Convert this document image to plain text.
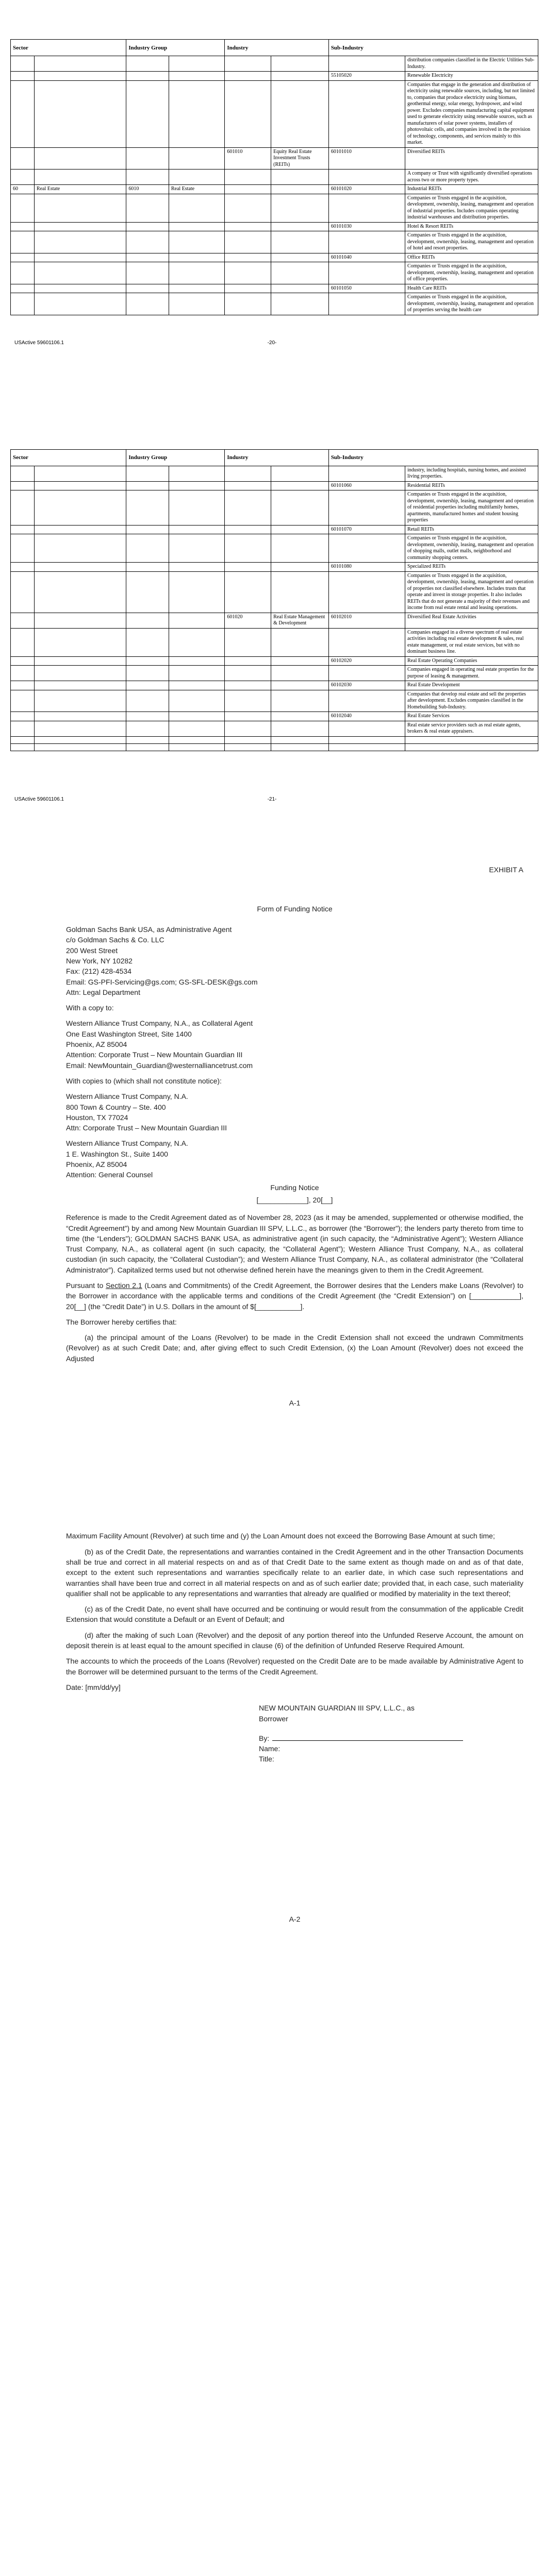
Sector		Industry Group		Industry		Sub-Industry	
							distribution companies classified in the Electric Utilities Sub-Industry.
						55105020	Renewable Electricity
							Companies that engage in the generation and distribution of electricity using renewable sources, including, but not limited to, companies that produce electricity using biomass, geothermal energy, solar energy, hydropower, and wind power. Excludes companies manufacturing capital equipment used to generate electricity using renewable sources, such as manufacturers of solar power systems, installers of photovoltaic cells, and companies involved in the provision of technology, components, and services mainly to this market.
				601010	Equity Real Estate Investment Trusts (REITs)	60101010	Diversified REITs
							A company or Trust with significantly diversified operations across two or more property types.
60	Real Estate	6010	Real Estate			60101020	Industrial REITs
							Companies or Trusts engaged in the acquisition, development, ownership, leasing, management and operation of industrial properties. Includes companies operating industrial warehouses and distribution properties.
						60101030	Hotel & Resort REITs
							Companies or Trusts engaged in the acquisition, development, ownership, leasing, management and operation of hotel and resort properties.
						60101040	Office REITs
							Companies or Trusts engaged in the acquisition, development, ownership, leasing, management and operation of office properties.
						60101050	Health Care REITs
							Companies or Trusts engaged in the acquisition, development, ownership, leasing, management and operation of properties serving the health care
USActive 59601106.1	-20-
Sector		Industry Group		Industry		Sub-Industry	
							industry, including hospitals, nursing homes, and assisted living properties.
						60101060	Residential REITs
							Companies or Trusts engaged in the acquisition, development, ownership, leasing, management and operation of residential properties including multifamily homes, apartments, manufactured homes and student housing properties
						60101070	Retail REITs
							Companies or Trusts engaged in the acquisition, development, ownership, leasing, management and operation of shopping malls, outlet malls, neighborhood and community shopping centers.
						60101080	Specialized REITs
							Companies or Trusts engaged in the acquisition, development, ownership, leasing, management and operation of properties not classified elsewhere. Includes trusts that operate and invest in storage properties. It also includes REITs that do not generate a majority of their revenues and income from real estate rental and leasing operations.
				601020	Real Estate Management & Development	60102010	Diversified Real Estate Activities
							Companies engaged in a diverse spectrum of real estate activities including real estate development & sales, real estate management, or real estate services, but with no dominant business line.
						60102020	Real Estate Operating Companies
							Companies engaged in operating real estate properties for the purpose of leasing & management.
						60102030	Real Estate Development
							Companies that develop real estate and sell the properties after development. Excludes companies classified in the Homebuilding Sub-Industry.
						60102040	Real Estate Services
							Real estate service providers such as real estate agents, brokers & real estate appraisers.

USActive 59601106.1	-21-

EXHIBIT A

Form of Funding Notice

Goldman Sachs Bank USA, as Administrative Agent
c/o Goldman Sachs & Co. LLC
200 West Street
New York, NY 10282
Fax: (212) 428-4534
Email: GS-PFI-Servicing@gs.com; GS-SFL-DESK@gs.com
Attn: Legal Department

With a copy to:

Western Alliance Trust Company, N.A., as Collateral Agent
One East Washington Street, Site 1400
Phoenix, AZ 85004
Attention: Corporate Trust – New Mountain Guardian III
Email: NewMountain_Guardian@westernalliancetrust.com

With copies to (which shall not constitute notice):

Western Alliance Trust Company, N.A.
800 Town & Country – Ste. 400
Houston, TX 77024
Attn: Corporate Trust – New Mountain Guardian III
Western Alliance Trust Company, N.A.
1 E. Washington St., Suite 1400
Phoenix, AZ 85004
Attention: General Counsel

Funding Notice

[____________], 20[__]

Reference is made to the Credit Agreement dated as of November 28, 2023 (as it may be amended, supplemented or otherwise modified, the “Credit Agreement”) by and among New Mountain Guardian III SPV, L.L.C., as borrower (the “Borrower”); the lenders party thereto from time to time (the “Lenders”); GOLDMAN SACHS BANK USA, as administrative agent (in such capacity, the “Administrative Agent”); Western Alliance Trust Company, N.A., as collateral agent (in such capacity, the “Collateral Agent”); Western Alliance Trust Company, N.A., as collateral custodian (in such capacity, the “Collateral Custodian”); and Western Alliance Trust Company, N.A., as collateral administrator (the “Collateral Administrator”). Capitalized terms used but not otherwise defined herein have the meanings given to them in the Credit Agreement.

Pursuant to Section 2.1 (Loans and Commitments) of the Credit Agreement, the Borrower desires that the Lenders make Loans (Revolver) to the Borrower in accordance with the applicable terms and conditions of the Credit Agreement (the “Credit Extension”) on [____________], 20[__] (the “Credit Date”) in U.S. Dollars in the amount of $[___________].

The Borrower hereby certifies that:

(a) the principal amount of the Loans (Revolver) to be made in the Credit Extension shall not exceed the undrawn Commitments (Revolver) as at such Credit Date; and, after giving effect to such Credit Extension, (x) the Loan Amount (Revolver) does not exceed the Adjusted

A-1

Maximum Facility Amount (Revolver) at such time and (y) the Loan Amount does not exceed the Borrowing Base Amount at such time;

(b) as of the Credit Date, the representations and warranties contained in the Credit Agreement and in the other Transaction Documents shall be true and correct in all material respects on and as of that Credit Date to the same extent as though made on and as of that date, except to the extent such representations and warranties specifically relate to an earlier date, in which case such representations and warranties shall have been true and correct in all material respects on and as of such earlier date; provided that, in each case, such materiality qualifier shall not be applicable to any representations and warranties that already are qualified or modified by materiality in the text thereof;

(c) as of the Credit Date, no event shall have occurred and be continuing or would result from the consummation of the applicable Credit Extension that would constitute a Default or an Event of Default; and

(d) after the making of such Loan (Revolver) and the deposit of any portion thereof into the Unfunded Reserve Account, the amount on deposit therein is at least equal to the amount specified in clause (6) of the definition of Unfunded Reserve Required Amount.

The accounts to which the proceeds of the Loans (Revolver) requested on the Credit Date are to be made available by Administrative Agent to the Borrower will be determined pursuant to the terms of the Credit Agreement.

Date: [mm/dd/yy]

NEW MOUNTAIN GUARDIAN III SPV, L.L.C., as
Borrower
By:
Name:
Title:

A-2
